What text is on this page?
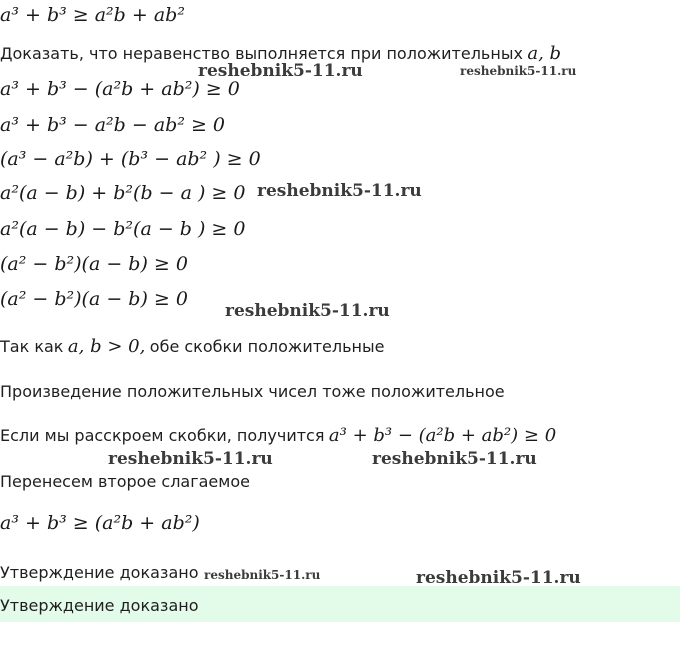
a³ + b³ ≥ a²b + ab²
Доказать, что неравенство выполняется при положительных a, b
a³ + b³ − (a²b + ab²) ≥ 0
a³ + b³ − a²b − ab² ≥ 0
(a³ − a²b) + (b³ − ab² ) ≥ 0
a²(a − b) + b²(b − a ) ≥ 0
a²(a − b) − b²(a − b ) ≥ 0
(a² − b²)(a − b) ≥ 0
(a² − b²)(a − b) ≥ 0
Так как a, b > 0, обе скобки положительные
Произведение положительных чисел тоже положительное
Если мы расскроем скобки, получится a³ + b³ − (a²b + ab²) ≥ 0
Перенесем второе слагаемое
a³ + b³ ≥ (a²b + ab²)
Утверждение доказано
Утверждение доказано
reshebnik5-11.ru	reshebnik5-11.ru
reshebnik5-11.ru
reshebnik5-11.ru
reshebnik5-11.ru	reshebnik5-11.ru
reshebnik5-11.ru	reshebnik5-11.ru
